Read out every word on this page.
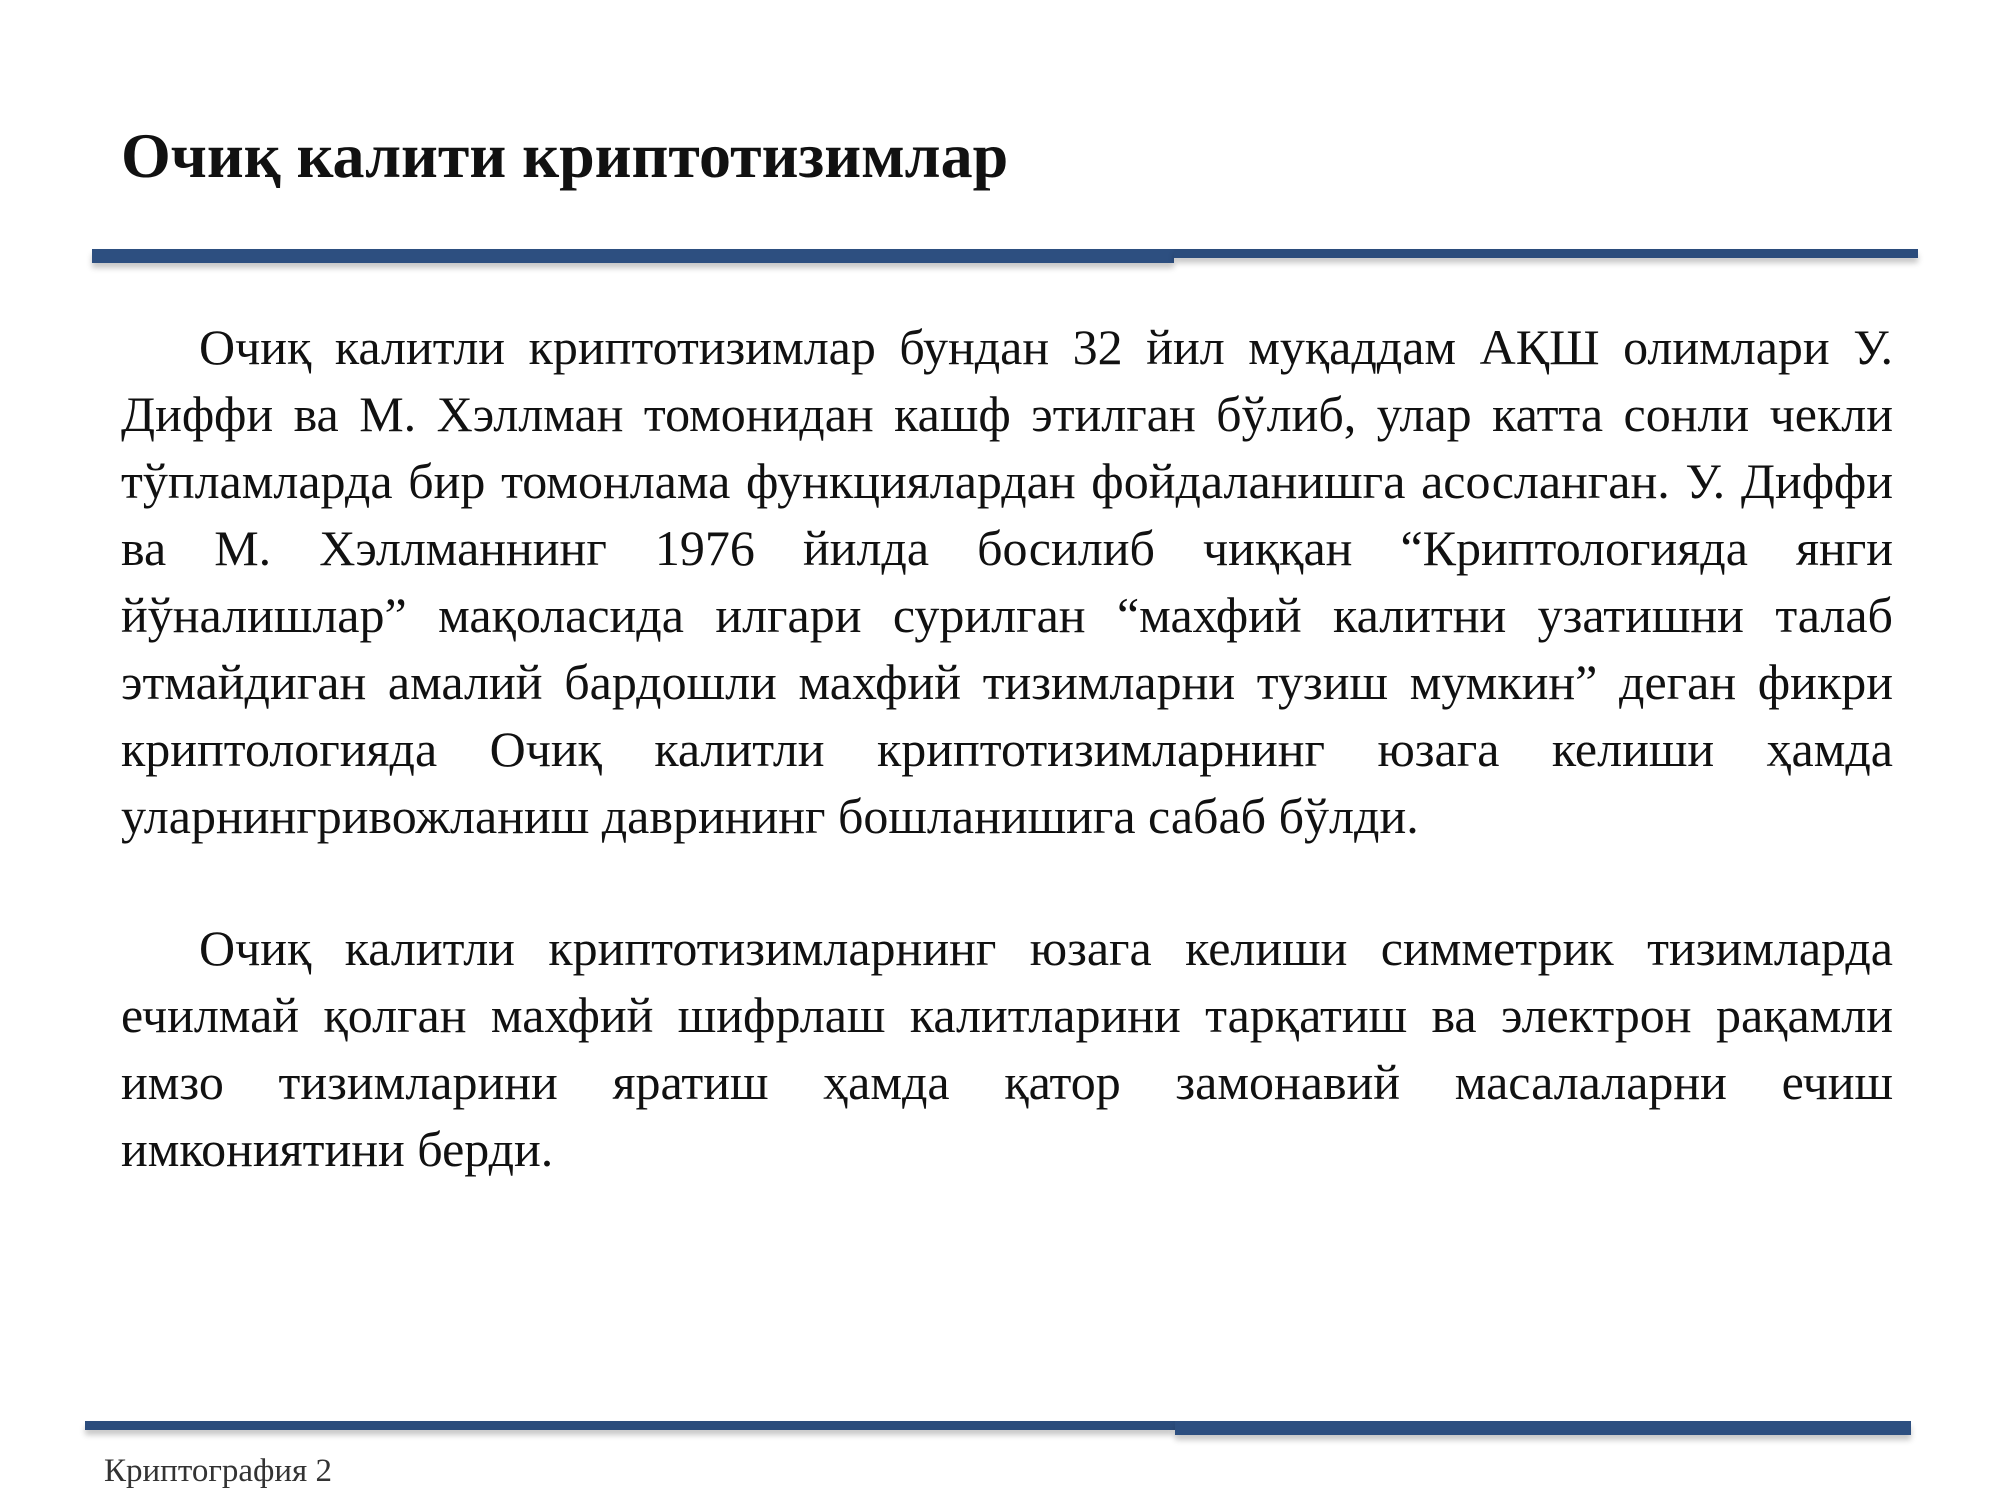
Очиқ калити криптотизимлар

Очиқ калитли криптотизимлар бундан 32 йил муқаддам АҚШ олимлари У. Диффи ва М. Хэллман томонидан кашф этилган бўлиб, улар катта сонли чекли тўпламларда бир томонлама функциялардан фойдаланишга асосланган. У. Диффи ва М. Хэллманнинг 1976 йилда босилиб чиққан “Криптологияда янги йўналишлар” мақоласида илгари сурилган “махфий калитни узатишни талаб этмайдиган амалий бардошли махфий тизимларни тузиш мумкин” деган фикри криптологияда Очиқ калитли криптотизимларнинг юзага келиши ҳамда уларнингривожланиш даврининг бошланишига сабаб бўлди.

Очиқ калитли криптотизимларнинг юзага келиши симметрик тизимларда ечилмай қолган махфий шифрлаш калитларини тарқатиш ва электрон рақамли имзо тизимларини яратиш ҳамда қатор замонавий масалаларни ечиш имкониятини берди.

Криптография 2
